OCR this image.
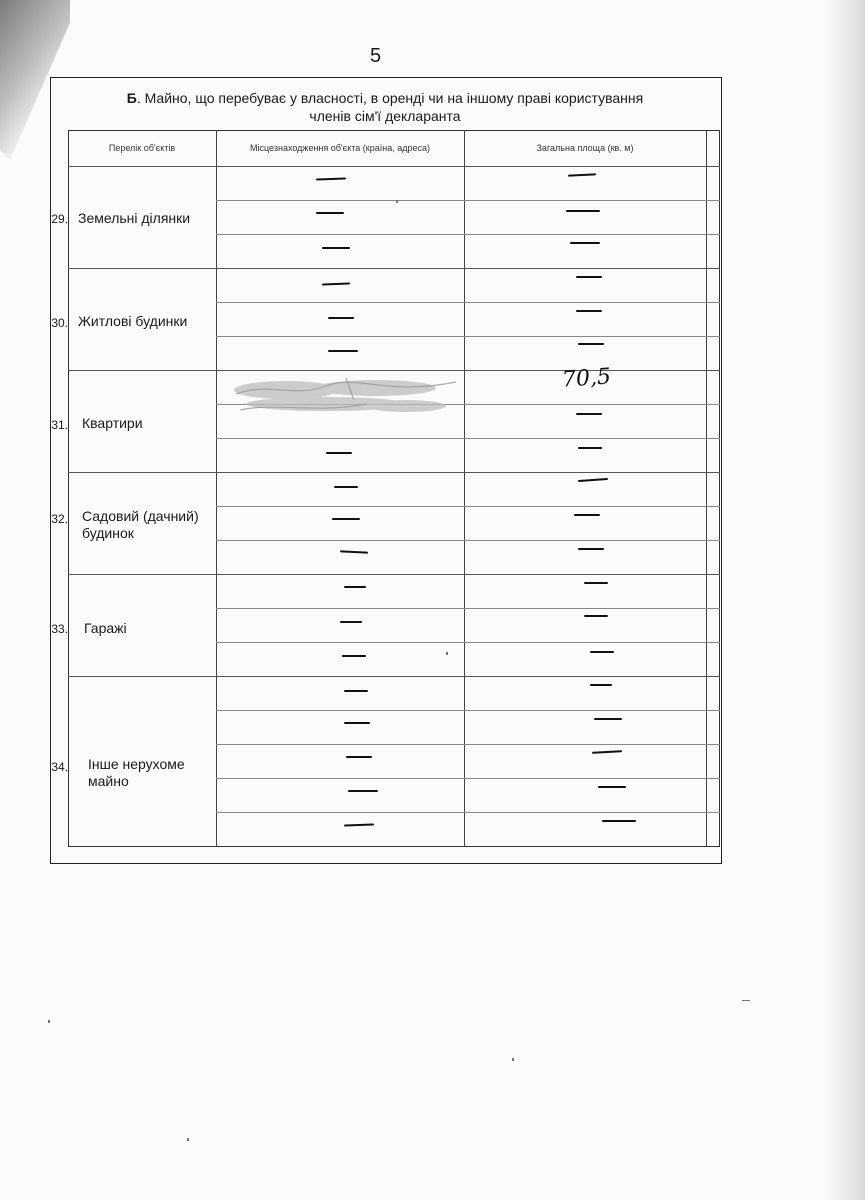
5
Б. Майно, що перебуває у власності, в оренді чи на іншому праві користування
членів сім'ї декларанта
Перелік об'єктів	Місцезнаходження об'єкта (країна, адреса)	Загальна площа (кв. м)
29. Земельні ділянки
30. Житлові будинки
31. Квартири
32. Садовий (дачний)
будинок
33. Гаражі
34. Інше нерухоме
майно
70,5
